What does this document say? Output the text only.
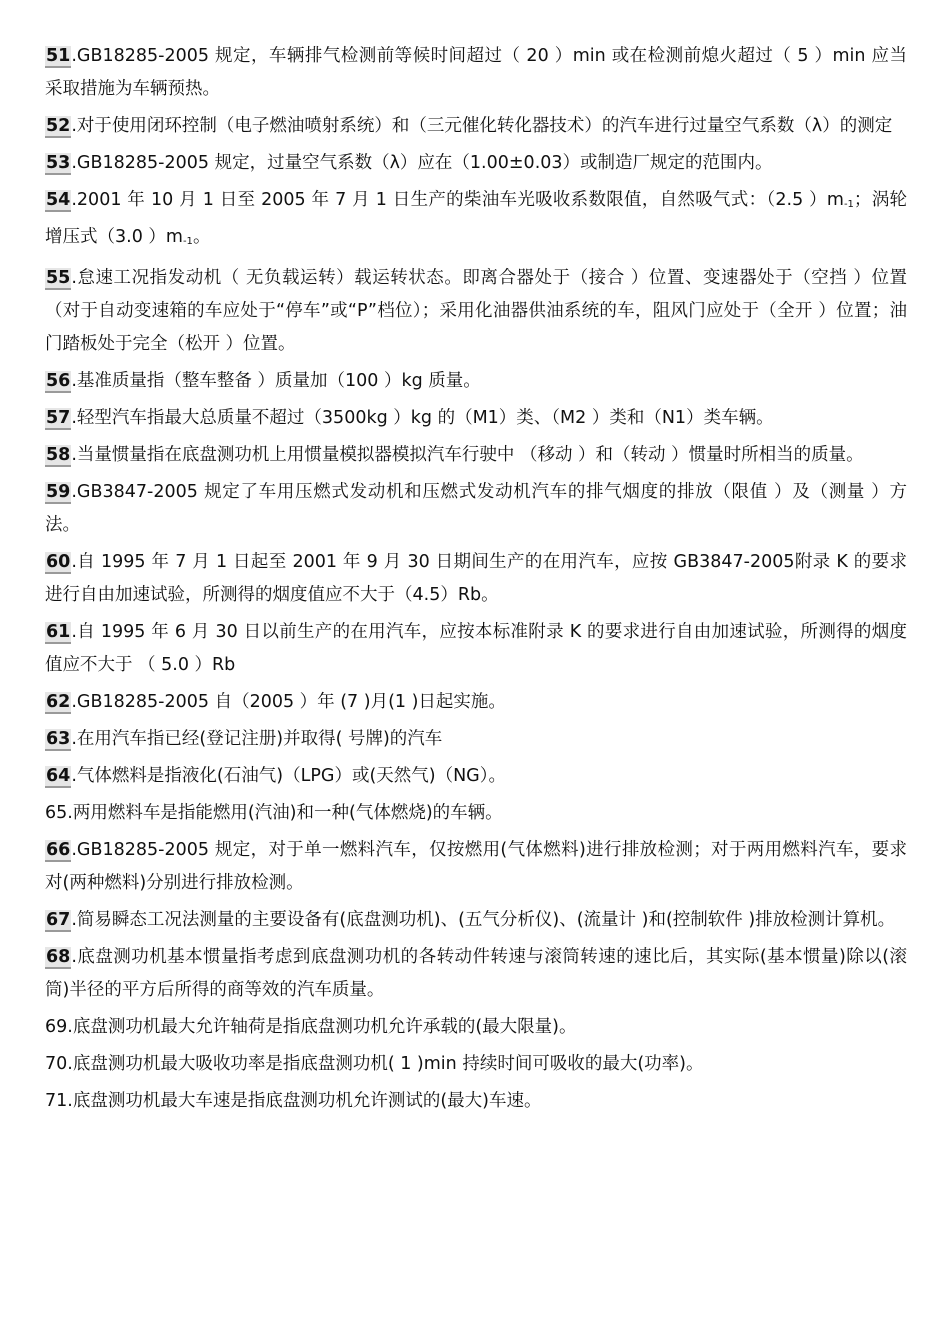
51.GB18285-2005 规定，车辆排气检测前等候时间超过（ 20 ）min 或在检测前熄火超过（ 5 ）min 应当采取措施为车辆预热。

52.对于使用闭环控制（电子燃油喷射系统）和（三元催化转化器技术）的汽车进行过量空气系数（λ）的测定

53.GB18285-2005 规定，过量空气系数（λ）应在（1.00±0.03）或制造厂规定的范围内。

54.2001 年 10 月 1 日至 2005 年 7 月 1 日生产的柴油车光吸收系数限值，自然吸气式：（2.5 ）$m_{-1}$；涡轮增压式（3.0 ）$m_{-1}$。

55.怠速工况指发动机（ 无负载运转）载运转状态。即离合器处于（接合 ）位置、变速器处于（空挡 ）位置（对于自动变速箱的车应处于“停车”或“P”档位）；采用化油器供油系统的车，阻风门应处于（全开 ）位置；油门踏板处于完全（松开 ）位置。

56.基准质量指（整车整备 ）质量加（100 ）kg 质量。

57.轻型汽车指最大总质量不超过（3500kg ）kg 的（M1）类、（M2 ）类和（N1）类车辆。

58.当量惯量指在底盘测功机上用惯量模拟器模拟汽车行驶中 （移动 ）和（转动 ）惯量时所相当的质量。

59.GB3847-2005 规定了车用压燃式发动机和压燃式发动机汽车的排气烟度的排放（限值 ）及（测量 ）方法。

60.自 1995 年 7 月 1 日起至 2001 年 9 月 30 日期间生产的在用汽车，应按 GB3847-2005附录 K 的要求进行自由加速试验，所测得的烟度值应不大于（4.5）Rb。

61.自 1995 年 6 月 30 日以前生产的在用汽车，应按本标准附录 K 的要求进行自由加速试验，所测得的烟度值应不大于 （ 5.0 ）Rb

62.GB18285-2005 自（2005 ）年 (7 )月(1 )日起实施。

63.在用汽车指已经(登记注册)并取得( 号牌)的汽车

64.气体燃料是指液化(石油气)（LPG）或(天然气)（NG）。

65.两用燃料车是指能燃用(汽油)和一种(气体燃烧)的车辆。

66.GB18285-2005 规定，对于单一燃料汽车，仅按燃用(气体燃料)进行排放检测；对于两用燃料汽车，要求对(两种燃料)分别进行排放检测。

67.简易瞬态工况法测量的主要设备有(底盘测功机)、(五气分析仪)、(流量计 )和(控制软件 )排放检测计算机。

68.底盘测功机基本惯量指考虑到底盘测功机的各转动件转速与滚筒转速的速比后，其实际(基本惯量)除以(滚筒)半径的平方后所得的商等效的汽车质量。

69.底盘测功机最大允许轴荷是指底盘测功机允许承载的(最大限量)。

70.底盘测功机最大吸收功率是指底盘测功机( 1 )min 持续时间可吸收的最大(功率)。

71.底盘测功机最大车速是指底盘测功机允许测试的(最大)车速。
